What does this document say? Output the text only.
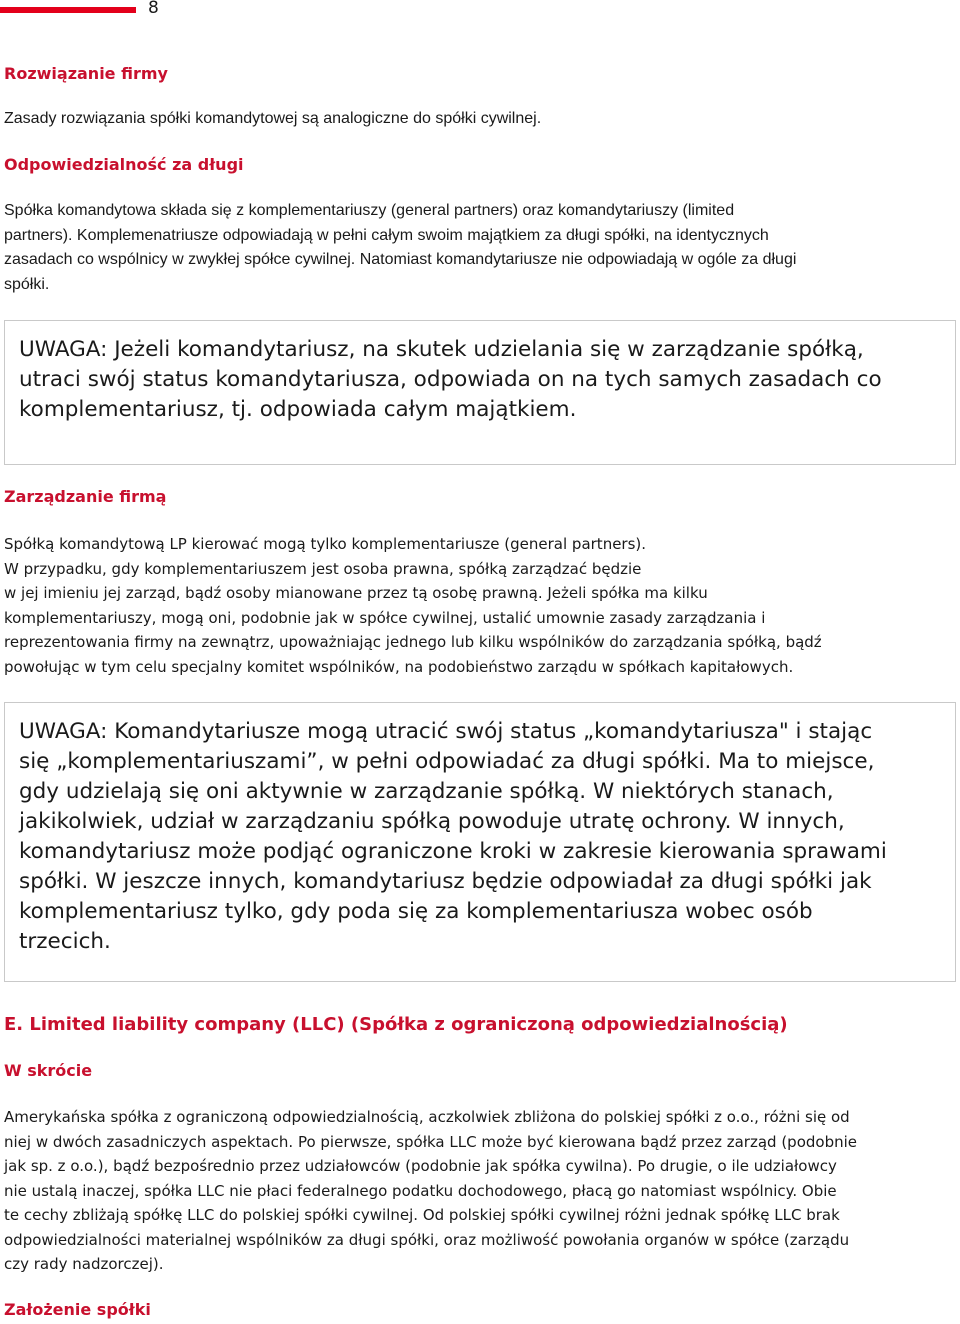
8
Rozwiązanie firmy

Zasady rozwiązania spółki komandytowej są analogiczne do spółki cywilnej.

Odpowiedzialność za długi

Spółka komandytowa składa się z komplementariuszy (general partners) oraz komandytariuszy (limited
partners). Komplemenatriusze odpowiadają w pełni całym swoim majątkiem za długi spółki, na identycznych
zasadach co wspólnicy w zwykłej spółce cywilnej. Natomiast komandytariusze nie odpowiadają w ogóle za długi
spółki.

UWAGA: Jeżeli komandytariusz, na skutek udzielania się w zarządzanie spółką,
utraci swój status komandytariusza, odpowiada on na tych samych zasadach co
komplementariusz, tj. odpowiada całym majątkiem.
Zarządzanie firmą

Spółką komandytową LP kierować mogą tylko komplementariusze (general partners).
W przypadku, gdy komplementariuszem jest osoba prawna, spółką zarządzać będzie
w jej imieniu jej zarząd, bądź osoby mianowane przez tą osobę prawną. Jeżeli spółka ma kilku
komplementariuszy, mogą oni, podobnie jak w spółce cywilnej, ustalić umownie zasady zarządzania i
reprezentowania firmy na zewnątrz, upoważniając jednego lub kilku wspólników do zarządzania spółką, bądź
powołując w tym celu specjalny komitet wspólników, na podobieństwo zarządu w spółkach kapitałowych.

UWAGA: Komandytariusze mogą utracić swój status „komandytariusza" i stając
się „komplementariuszami”, w pełni odpowiadać za długi spółki. Ma to miejsce,
gdy udzielają się oni aktywnie w zarządzanie spółką. W niektórych stanach,
jakikolwiek, udział w zarządzaniu spółką powoduje utratę ochrony. W innych,
komandytariusz może podjąć ograniczone kroki w zakresie kierowania sprawami
spółki. W jeszcze innych, komandytariusz będzie odpowiadał za długi spółki jak
komplementariusz tylko, gdy poda się za komplementariusza wobec osób
trzecich.
E. Limited liability company (LLC) (Spółka z ograniczoną odpowiedzialnością)
W skrócie

Amerykańska spółka z ograniczoną odpowiedzialnością, aczkolwiek zbliżona do polskiej spółki z o.o., różni się od
niej w dwóch zasadniczych aspektach. Po pierwsze, spółka LLC może być kierowana bądź przez zarząd (podobnie
jak sp. z o.o.), bądź bezpośrednio przez udziałowców (podobnie jak spółka cywilna). Po drugie, o ile udziałowcy
nie ustalą inaczej, spółka LLC nie płaci federalnego podatku dochodowego, płacą go natomiast wspólnicy. Obie
te cechy zbliżają spółkę LLC do polskiej spółki cywilnej. Od polskiej spółki cywilnej różni jednak spółkę LLC brak
odpowiedzialności materialnej wspólników za długi spółki, oraz możliwość powołania organów w spółce (zarządu
czy rady nadzorczej).

Założenie spółki
